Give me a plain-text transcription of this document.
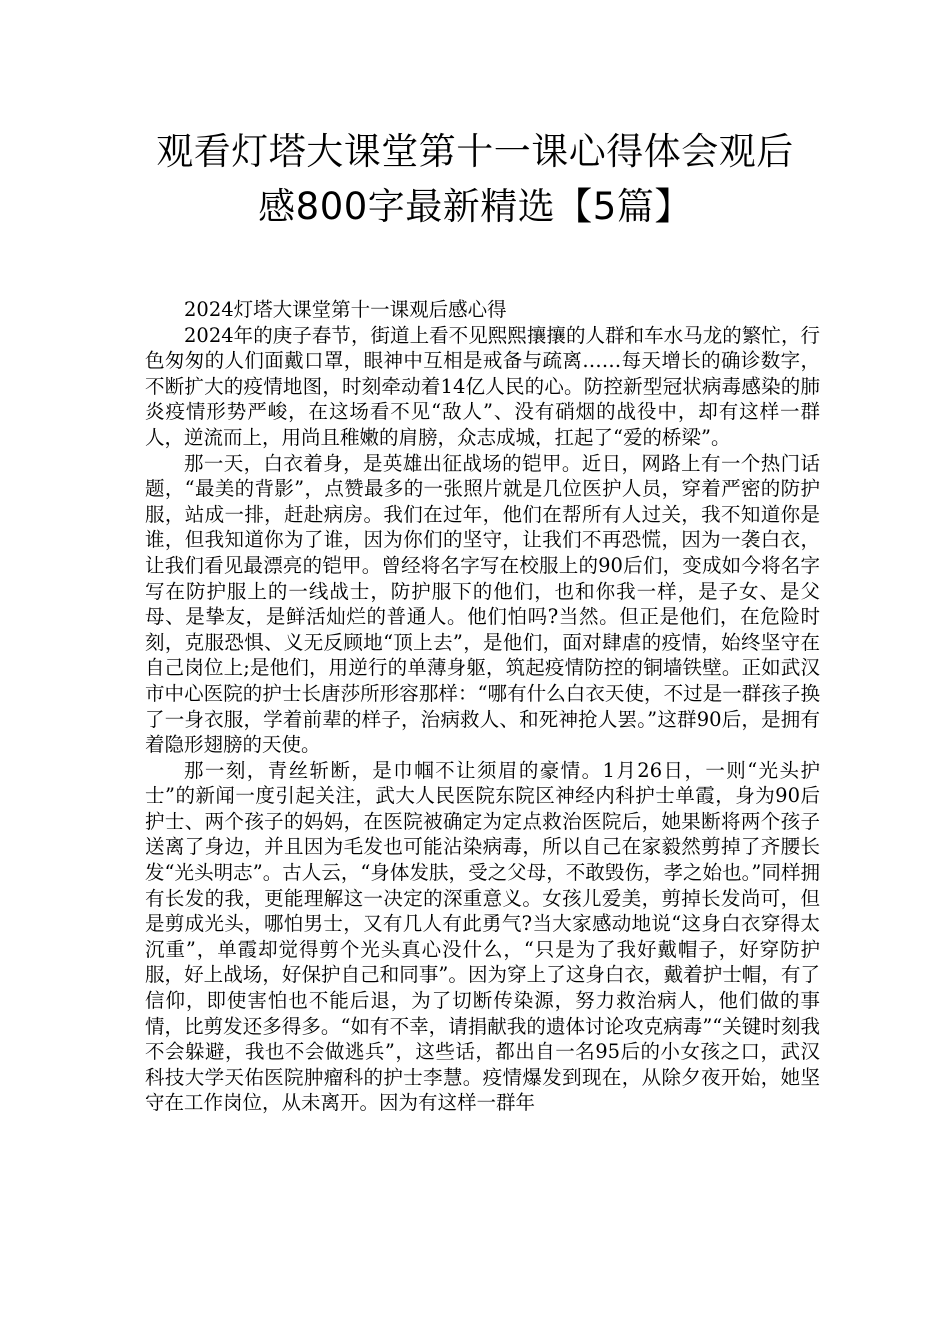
观看灯塔大课堂第十一课心得体会观后
感800字最新精选【5篇】

2024灯塔大课堂第十一课观后感心得

2024年的庚子春节，街道上看不见熙熙攘攘的人群和车水马龙的繁忙，行色匆匆的人们面戴口罩，眼神中互相是戒备与疏离……每天增长的确诊数字，不断扩大的疫情地图，时刻牵动着14亿人民的心。防控新型冠状病毒感染的肺炎疫情形势严峻，在这场看不见“敌人”、没有硝烟的战役中，却有这样一群人，逆流而上，用尚且稚嫩的肩膀，众志成城，扛起了“爱的桥梁”。

那一天，白衣着身，是英雄出征战场的铠甲。近日，网路上有一个热门话题，“最美的背影”，点赞最多的一张照片就是几位医护人员，穿着严密的防护服，站成一排，赶赴病房。我们在过年，他们在帮所有人过关，我不知道你是谁，但我知道你为了谁，因为你们的坚守，让我们不再恐慌，因为一袭白衣，让我们看见最漂亮的铠甲。曾经将名字写在校服上的90后们，变成如今将名字写在防护服上的一线战士，防护服下的他们，也和你我一样，是子女、是父母、是挚友，是鲜活灿烂的普通人。他们怕吗?当然。但正是他们，在危险时刻，克服恐惧、义无反顾地“顶上去”，是他们，面对肆虐的疫情，始终坚守在自己岗位上;是他们，用逆行的单薄身躯，筑起疫情防控的铜墙铁壁。正如武汉市中心医院的护士长唐莎所形容那样：“哪有什么白衣天使，不过是一群孩子换了一身衣服，学着前辈的样子，治病救人、和死神抢人罢。”这群90后，是拥有着隐形翅膀的天使。

那一刻，青丝斩断，是巾帼不让须眉的豪情。1月26日，一则“光头护士”的新闻一度引起关注，武大人民医院东院区神经内科护士单霞，身为90后护士、两个孩子的妈妈，在医院被确定为定点救治医院后，她果断将两个孩子送离了身边，并且因为毛发也可能沾染病毒，所以自己在家毅然剪掉了齐腰长发“光头明志”。古人云，“身体发肤，受之父母，不敢毁伤，孝之始也。”同样拥有长发的我，更能理解这一决定的深重意义。女孩儿爱美，剪掉长发尚可，但是剪成光头，哪怕男士，又有几人有此勇气?当大家感动地说“这身白衣穿得太沉重”，单霞却觉得剪个光头真心没什么，“只是为了我好戴帽子，好穿防护服，好上战场，好保护自己和同事”。因为穿上了这身白衣，戴着护士帽，有了信仰，即使害怕也不能后退，为了切断传染源，努力救治病人，他们做的事情，比剪发还多得多。“如有不幸，请捐献我的遗体讨论攻克病毒”“关键时刻我不会躲避，我也不会做逃兵”，这些话，都出自一名95后的小女孩之口，武汉科技大学天佑医院肿瘤科的护士李慧。疫情爆发到现在，从除夕夜开始，她坚守在工作岗位，从未离开。因为有这样一群年
